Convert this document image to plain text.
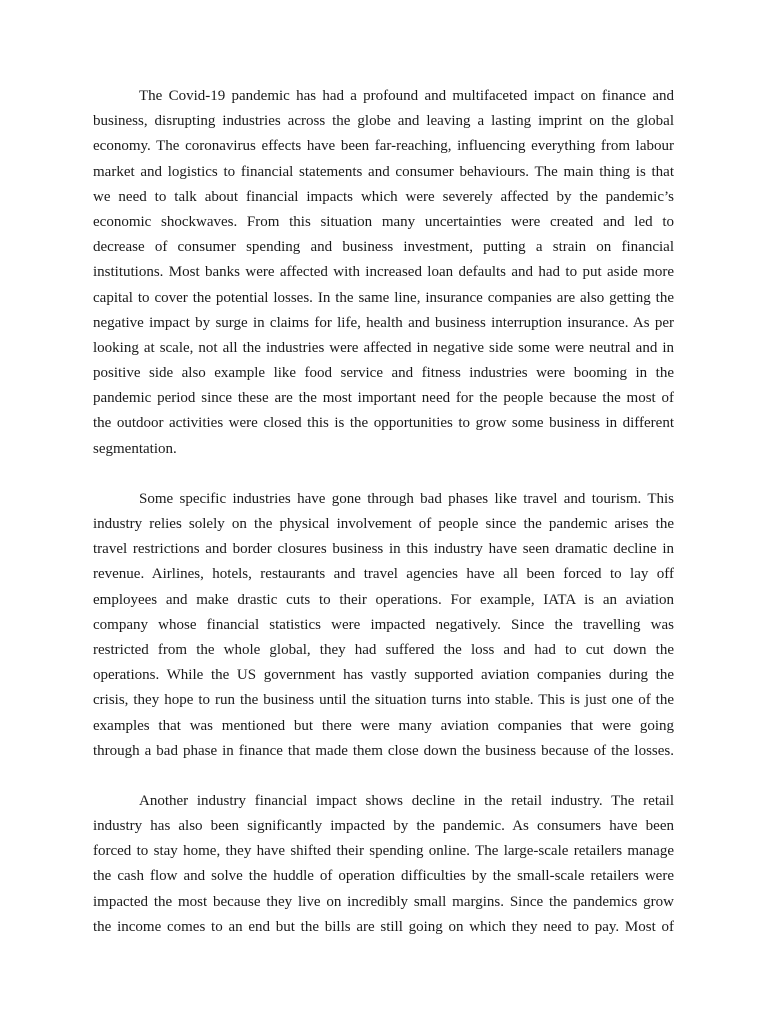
The Covid-19 pandemic has had a profound and multifaceted impact on finance and
business, disrupting industries across the globe and leaving a lasting imprint on the global
economy. The coronavirus effects have been far-reaching, influencing everything from labour
market and logistics to financial statements and consumer behaviours. The main thing is that
we need to talk about financial impacts which were severely affected by the pandemic’s
economic shockwaves. From this situation many uncertainties were created and led to
decrease of consumer spending and business investment, putting a strain on financial
institutions. Most banks were affected with increased loan defaults and had to put aside more
capital to cover the potential losses. In the same line, insurance companies are also getting the
negative impact by surge in claims for life, health and business interruption insurance. As per
looking at scale, not all the industries were affected in negative side some were neutral and in
positive side also example like food service and fitness industries were booming in the
pandemic period since these are the most important need for the people because the most of
the outdoor activities were closed this is the opportunities to grow some business in different
segmentation.
Some specific industries have gone through bad phases like travel and tourism. This
industry relies solely on the physical involvement of people since the pandemic arises the
travel restrictions and border closures business in this industry have seen dramatic decline in
revenue. Airlines, hotels, restaurants and travel agencies have all been forced to lay off
employees and make drastic cuts to their operations. For example, IATA is an aviation
company whose financial statistics were impacted negatively. Since the travelling was
restricted from the whole global, they had suffered the loss and had to cut down the
operations. While the US government has vastly supported aviation companies during the
crisis, they hope to run the business until the situation turns into stable. This is just one of the
examples that was mentioned but there were many aviation companies that were going
through a bad phase in finance that made them close down the business because of the losses.
Another industry financial impact shows decline in the retail industry. The retail
industry has also been significantly impacted by the pandemic. As consumers have been
forced to stay home, they have shifted their spending online. The large-scale retailers manage
the cash flow and solve the huddle of operation difficulties by the small-scale retailers were
impacted the most because they live on incredibly small margins. Since the pandemics grow
the income comes to an end but the bills are still going on which they need to pay. Most of
